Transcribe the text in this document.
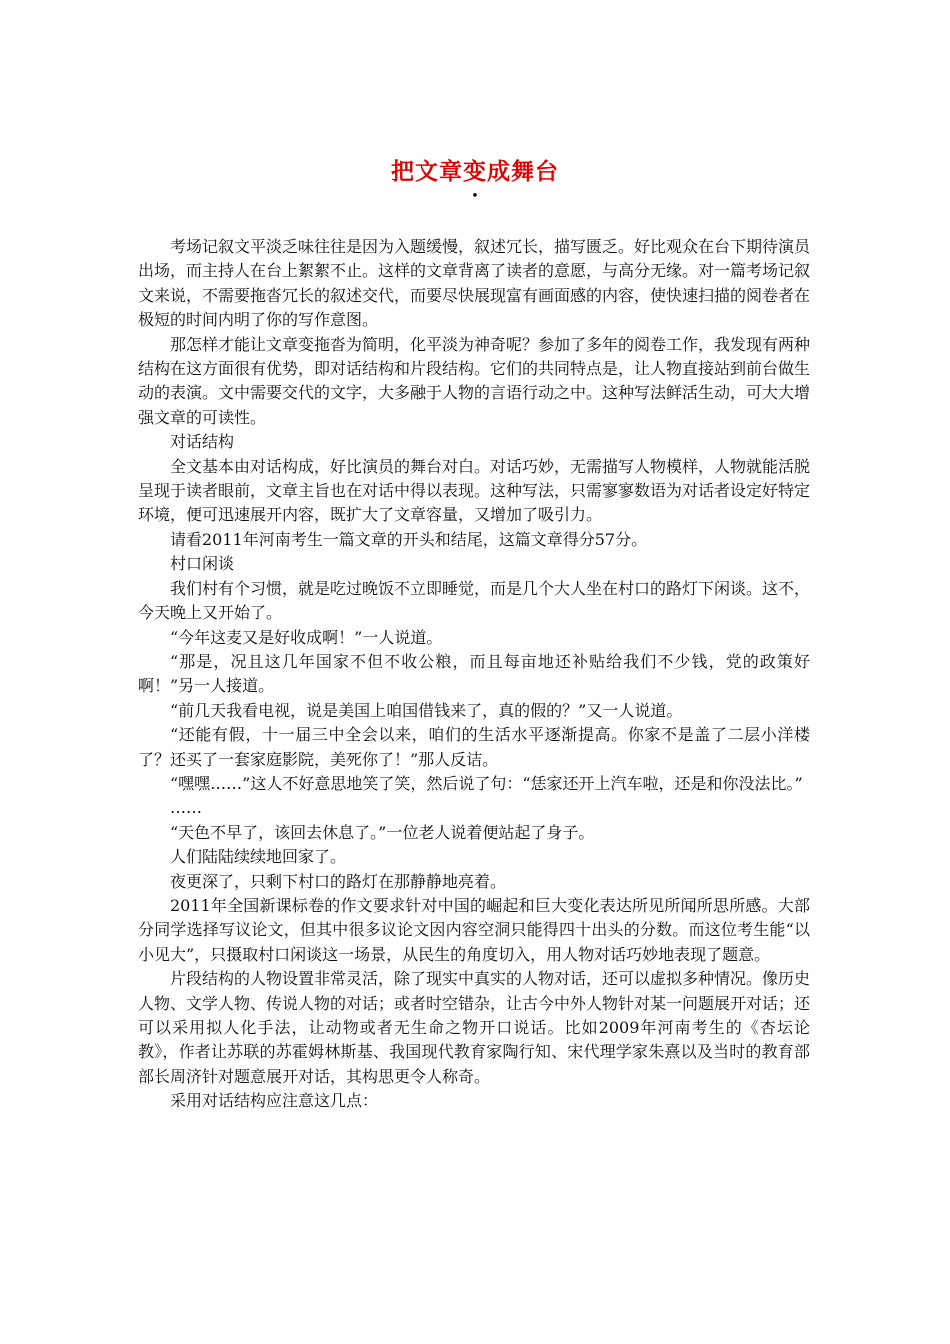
把文章变成舞台
•

考场记叙文平淡乏味往往是因为入题缓慢，叙述冗长，描写匮乏。好比观众在台下期待演员出场，而主持人在台上絮絮不止。这样的文章背离了读者的意愿，与高分无缘。对一篇考场记叙文来说，不需要拖沓冗长的叙述交代，而要尽快展现富有画面感的内容，使快速扫描的阅卷者在极短的时间内明了你的写作意图。

那怎样才能让文章变拖沓为简明，化平淡为神奇呢？参加了多年的阅卷工作，我发现有两种结构在这方面很有优势，即对话结构和片段结构。它们的共同特点是，让人物直接站到前台做生动的表演。文中需要交代的文字，大多融于人物的言语行动之中。这种写法鲜活生动，可大大增强文章的可读性。

对话结构

全文基本由对话构成，好比演员的舞台对白。对话巧妙，无需描写人物模样，人物就能活脱呈现于读者眼前，文章主旨也在对话中得以表现。这种写法，只需寥寥数语为对话者设定好特定环境，便可迅速展开内容，既扩大了文章容量，又增加了吸引力。

请看2011年河南考生一篇文章的开头和结尾，这篇文章得分57分。

村口闲谈

我们村有个习惯，就是吃过晚饭不立即睡觉，而是几个大人坐在村口的路灯下闲谈。这不，今天晚上又开始了。

“今年这麦又是好收成啊！”一人说道。

“那是，况且这几年国家不但不收公粮，而且每亩地还补贴给我们不少钱，党的政策好啊！”另一人接道。

“前几天我看电视，说是美国上咱国借钱来了，真的假的？”又一人说道。

“还能有假，十一届三中全会以来，咱们的生活水平逐渐提高。你家不是盖了二层小洋楼了？还买了一套家庭影院，美死你了！”那人反诘。

“嘿嘿……”这人不好意思地笑了笑，然后说了句：“恁家还开上汽车啦，还是和你没法比。”

……

“天色不早了，该回去休息了。”一位老人说着便站起了身子。

人们陆陆续续地回家了。

夜更深了，只剩下村口的路灯在那静静地亮着。

2011年全国新课标卷的作文要求针对中国的崛起和巨大变化表达所见所闻所思所感。大部分同学选择写议论文，但其中很多议论文因内容空洞只能得四十出头的分数。而这位考生能“以小见大”，只摄取村口闲谈这一场景，从民生的角度切入，用人物对话巧妙地表现了题意。

片段结构的人物设置非常灵活，除了现实中真实的人物对话，还可以虚拟多种情况。像历史人物、文学人物、传说人物的对话；或者时空错杂，让古今中外人物针对某一问题展开对话；还可以采用拟人化手法，让动物或者无生命之物开口说话。比如2009年河南考生的《杏坛论教》，作者让苏联的苏霍姆林斯基、我国现代教育家陶行知、宋代理学家朱熹以及当时的教育部部长周济针对题意展开对话，其构思更令人称奇。

采用对话结构应注意这几点：
